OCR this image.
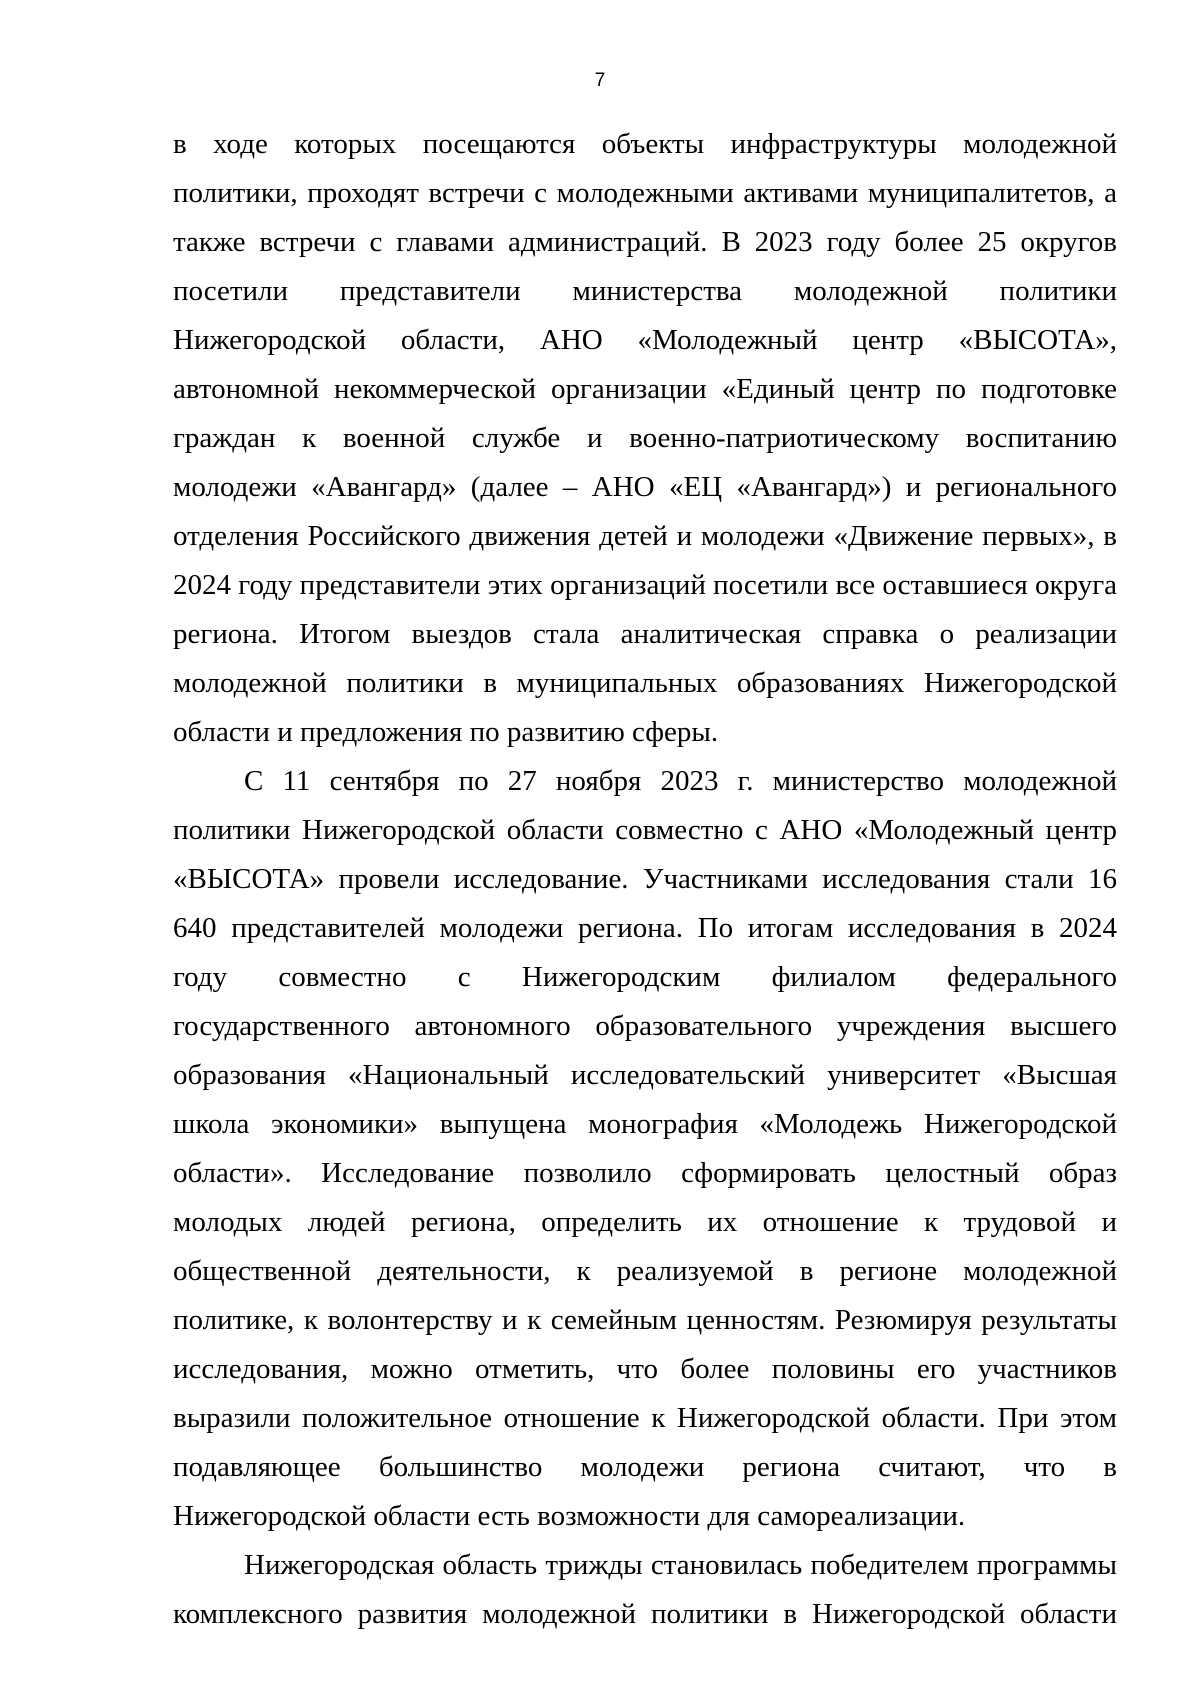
7

в ходе которых посещаются объекты инфраструктуры молодежной политики, проходят встречи с молодежными активами муниципалитетов, а также встречи с главами администраций. В 2023 году более 25 округов посетили представители министерства молодежной политики Нижегородской области, АНО «Молодежный центр «ВЫСОТА», автономной некоммерческой организации «Единый центр по подготовке граждан к военной службе и военно-патриотическому воспитанию молодежи «Авангард» (далее – АНО «ЕЦ «Авангард») и регионального отделения Российского движения детей и молодежи «Движение первых», в 2024 году представители этих организаций посетили все оставшиеся округа региона. Итогом выездов стала аналитическая справка о реализации молодежной политики в муниципальных образованиях Нижегородской области и предложения по развитию сферы.

С 11 сентября по 27 ноября 2023 г. министерство молодежной политики Нижегородской области совместно с АНО «Молодежный центр «ВЫСОТА» провели исследование. Участниками исследования стали 16 640 представителей молодежи региона. По итогам исследования в 2024 году совместно с Нижегородским филиалом федерального государственного автономного образовательного учреждения высшего образования «Национальный исследовательский университет «Высшая школа экономики» выпущена монография «Молодежь Нижегородской области». Исследование позволило сформировать целостный образ молодых людей региона, определить их отношение к трудовой и общественной деятельности, к реализуемой в регионе молодежной политике, к волонтерству и к семейным ценностям. Резюмируя результаты исследования, можно отметить, что более половины его участников выразили положительное отношение к Нижегородской области. При этом подавляющее большинство молодежи региона считают, что в Нижегородской области есть возможности для самореализации.

Нижегородская область трижды становилась победителем программы комплексного развития молодежной политики в Нижегородской области
